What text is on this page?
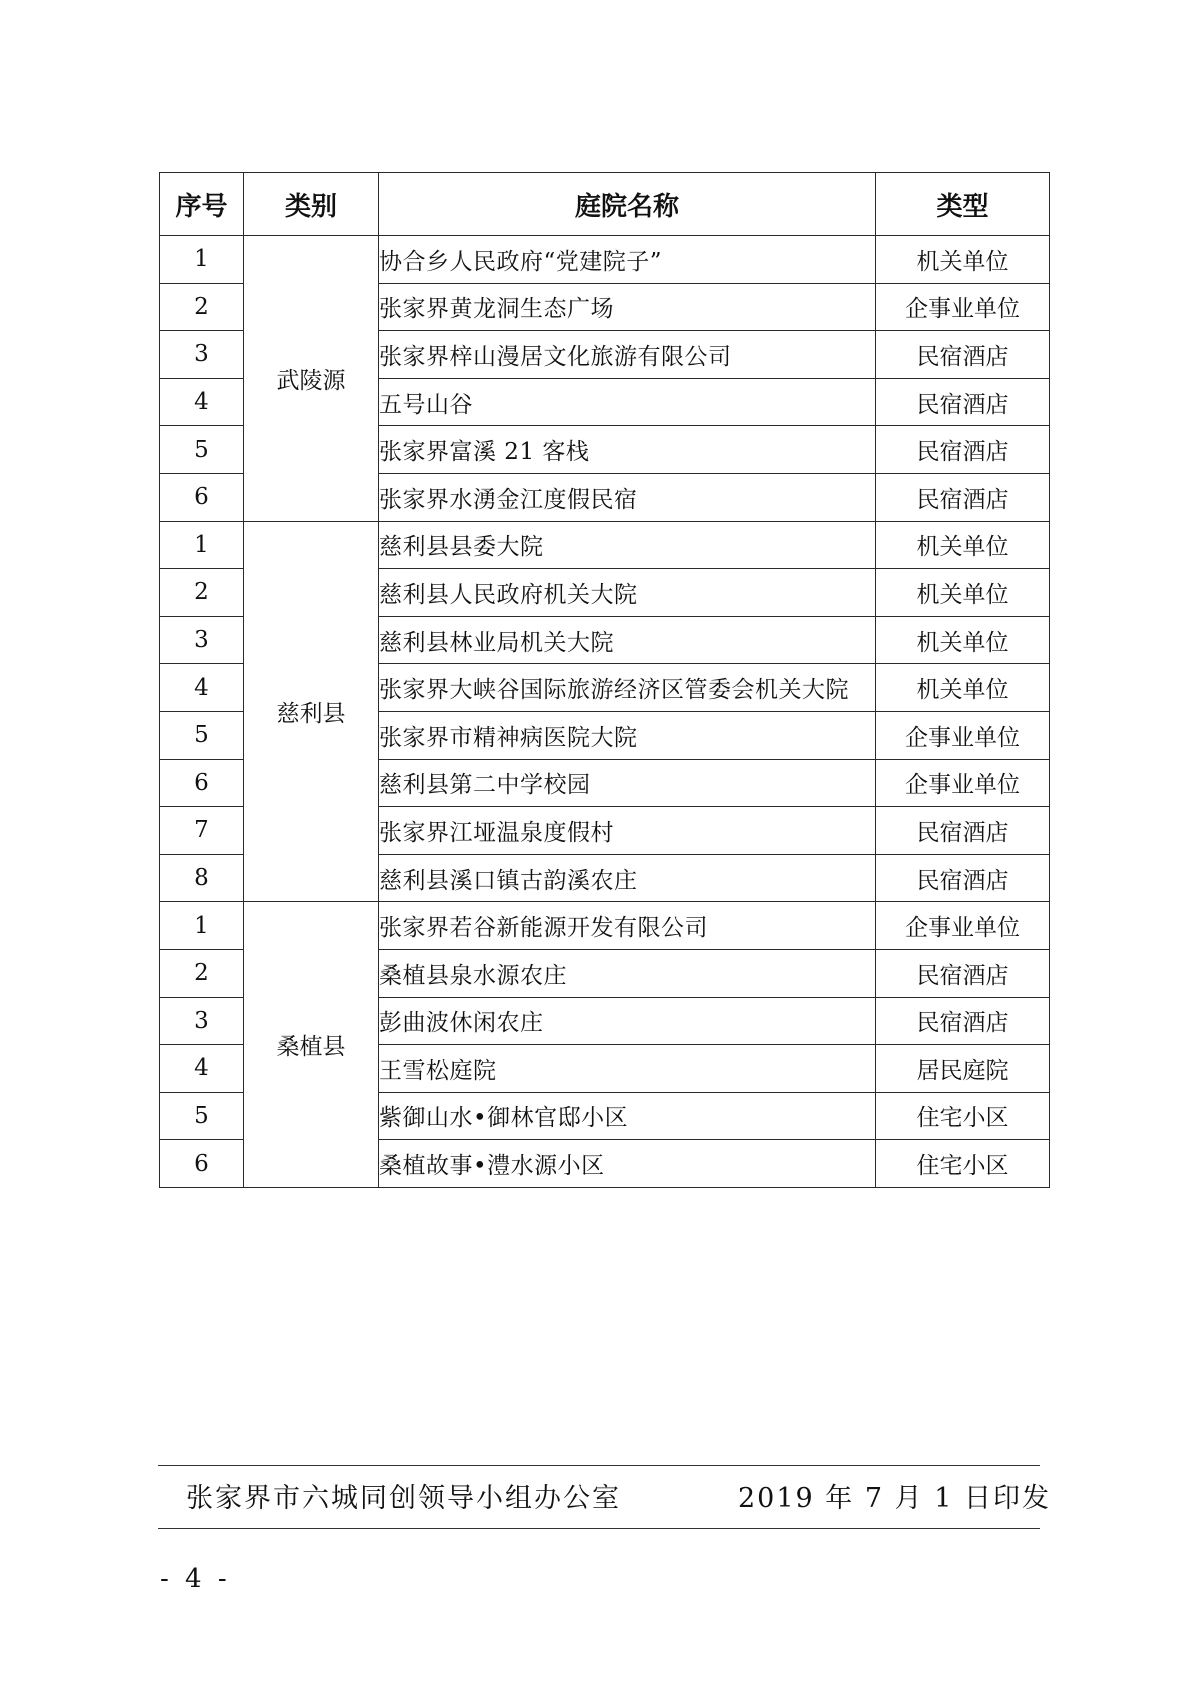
序号	类别	庭院名称	类型
1	武陵源	协合乡人民政府“党建院子”	机关单位
2		张家界黄龙洞生态广场	企事业单位
3		张家界梓山漫居文化旅游有限公司	民宿酒店
4		五号山谷	民宿酒店
5		张家界富溪 21 客栈	民宿酒店
6		张家界水湧金江度假民宿	民宿酒店
1	慈利县	慈利县县委大院	机关单位
2		慈利县人民政府机关大院	机关单位
3		慈利县林业局机关大院	机关单位
4		张家界大峡谷国际旅游经济区管委会机关大院	机关单位
5		张家界市精神病医院大院	企事业单位
6		慈利县第二中学校园	企事业单位
7		张家界江垭温泉度假村	民宿酒店
8		慈利县溪口镇古韵溪农庄	民宿酒店
1	桑植县	张家界若谷新能源开发有限公司	企事业单位
2		桑植县泉水源农庄	民宿酒店
3		彭曲波休闲农庄	民宿酒店
4		王雪松庭院	居民庭院
5		紫御山水•御林官邸小区	住宅小区
6		桑植故事•澧水源小区	住宅小区
张家界市六城同创领导小组办公室	2019 年 7 月 1 日印发
- 4 -
